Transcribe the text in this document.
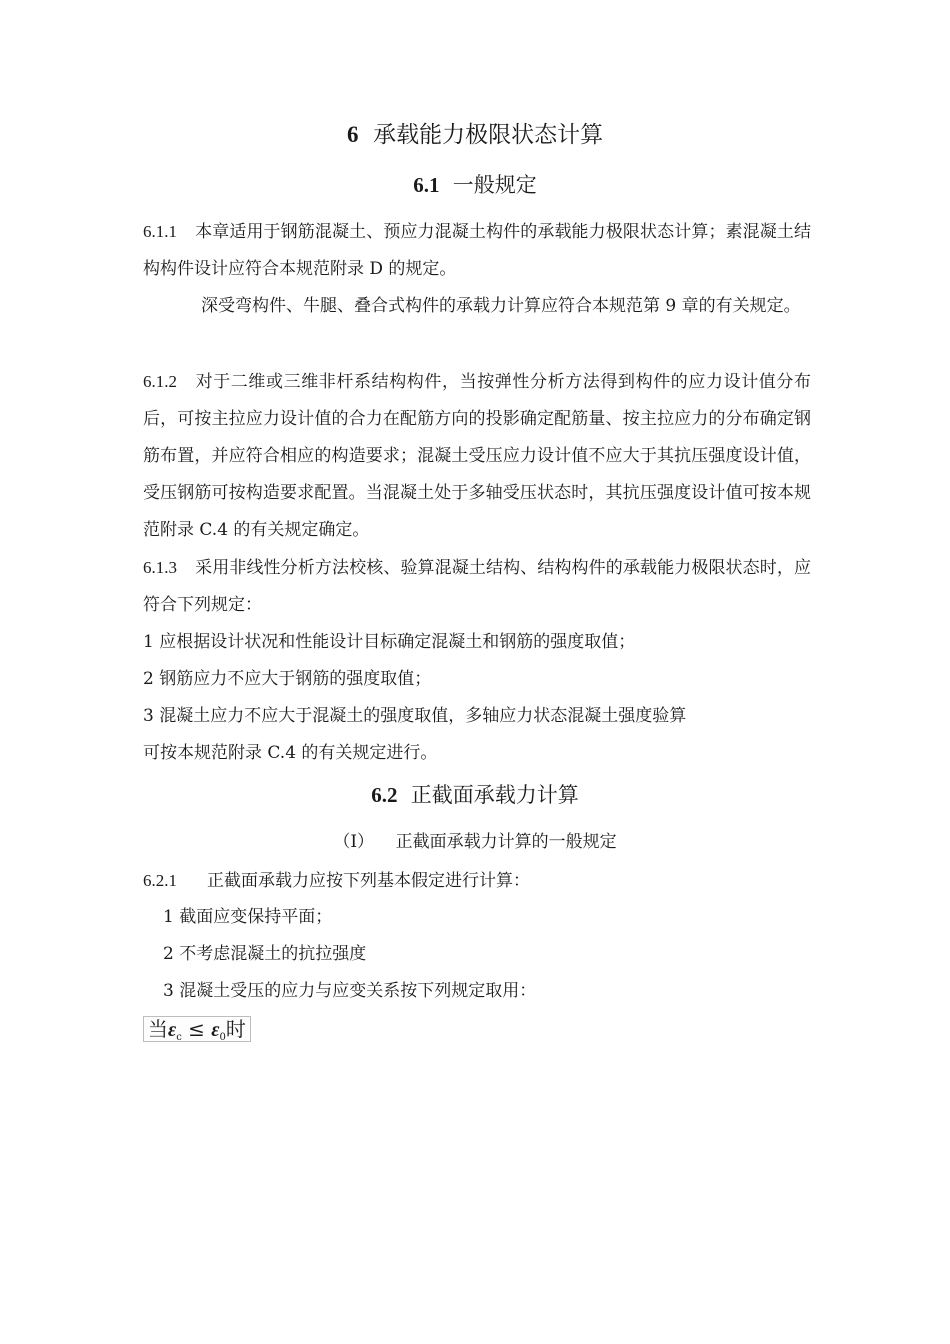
6 承载能力极限状态计算
6.1 一般规定

6.1.1 本章适用于钢筋混凝土、预应力混凝土构件的承载能力极限状态计算；素混凝土结构构件设计应符合本规范附录 D 的规定。

深受弯构件、牛腿、叠合式构件的承载力计算应符合本规范第 9 章的有关规定。

6.1.2 对于二维或三维非杆系结构构件，当按弹性分析方法得到构件的应力设计值分布后，可按主拉应力设计值的合力在配筋方向的投影确定配筋量、按主拉应力的分布确定钢筋布置，并应符合相应的构造要求；混凝土受压应力设计值不应大于其抗压强度设计值，受压钢筋可按构造要求配置。当混凝土处于多轴受压状态时，其抗压强度设计值可按本规范附录 C.4 的有关规定确定。

6.1.3 采用非线性分析方法校核、验算混凝土结构、结构构件的承载能力极限状态时，应符合下列规定：

1 应根据设计状况和性能设计目标确定混凝土和钢筋的强度取值；

2 钢筋应力不应大于钢筋的强度取值；

3 混凝土应力不应大于混凝土的强度取值，多轴应力状态混凝土强度验算

可按本规范附录 C.4 的有关规定进行。

6.2 正截面承载力计算
（I） 正截面承载力计算的一般规定

6.2.1 正截面承载力应按下列基本假定进行计算：

1 截面应变保持平面；

2 不考虑混凝土的抗拉强度

3 混凝土受压的应力与应变关系按下列规定取用：

当$\varepsilon_c \le \varepsilon_0$时
